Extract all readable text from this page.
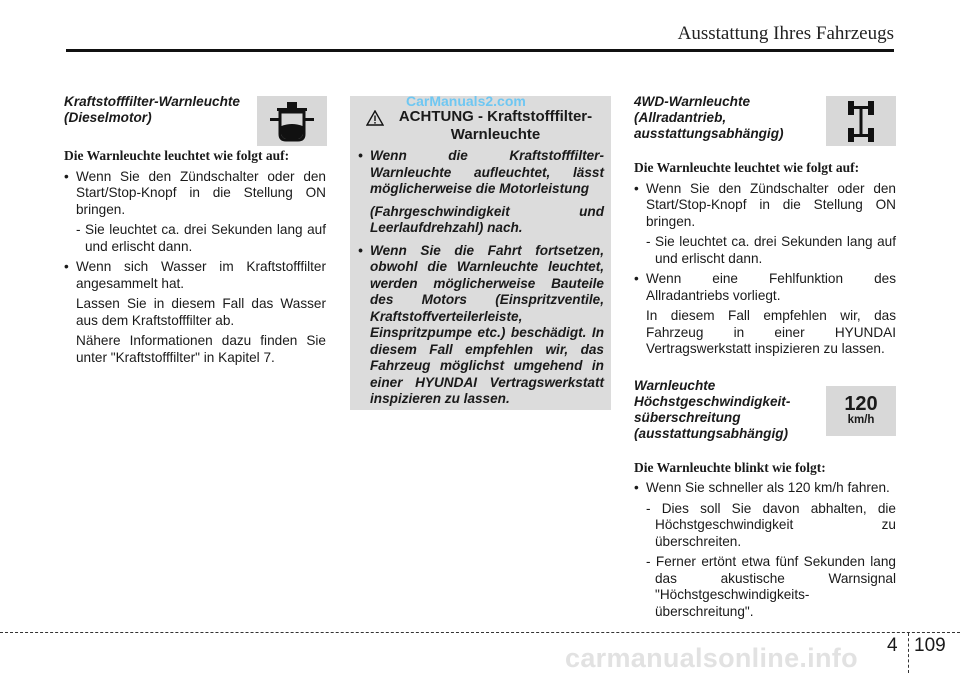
Ausstattung Ihres Fahrzeugs
Kraftstofffilter-Warnleuchte
(Dieselmotor)
Die Warnleuchte leuchtet wie folgt auf:
• Wenn Sie den Zündschalter oder den Start/Stop-Knopf in die Stellung ON bringen.
- Sie leuchtet ca. drei Sekunden lang auf und erlischt dann.
• Wenn sich Wasser im Kraftstofffilter angesammelt hat.
Lassen Sie in diesem Fall das Wasser aus dem Kraftstofffilter ab.
Nähere Informationen dazu finden Sie unter "Kraftstofffilter" in Kapitel 7.
ACHTUNG - Kraftstofffilter-
Warnleuchte
• Wenn die Kraftstofffilter-Warnleuchte aufleuchtet, lässt möglicherweise die Motorleistung
(Fahrgeschwindigkeit und Leerlaufdrehzahl) nach.
• Wenn Sie die Fahrt fortsetzen, obwohl die Warnleuchte leuchtet, werden möglicherweise Bauteile des Motors (Einspritzventile, Kraftstoffverteilerleiste, Einspritzpumpe etc.) beschädigt. In diesem Fall empfehlen wir, das Fahrzeug möglichst umgehend in einer HYUNDAI Vertragswerkstatt inspizieren zu lassen.
CarManuals2.com	4WD-Warnleuchte
(Allradantrieb,
ausstattungsabhängig)
Die Warnleuchte leuchtet wie folgt auf:
• Wenn Sie den Zündschalter oder den Start/Stop-Knopf in die Stellung ON bringen.
- Sie leuchtet ca. drei Sekunden lang auf und erlischt dann.
• Wenn eine Fehlfunktion des Allradantriebs vorliegt.
In diesem Fall empfehlen wir, das Fahrzeug in einer HYUNDAI Vertragswerkstatt inspizieren zu lassen.
Warnleuchte
Höchstgeschwindigkeit-
süberschreitung
(ausstattungsabhängig)
Die Warnleuchte blinkt wie folgt:
• Wenn Sie schneller als 120 km/h fahren.
- Dies soll Sie davon abhalten, die Höchstgeschwindigkeit zu überschreiten.
- Ferner ertönt etwa fünf Sekunden lang das akustische Warnsignal "Höchstgeschwindigkeits-überschreitung".
120
km/h
4 109
carmanualsonline.info
